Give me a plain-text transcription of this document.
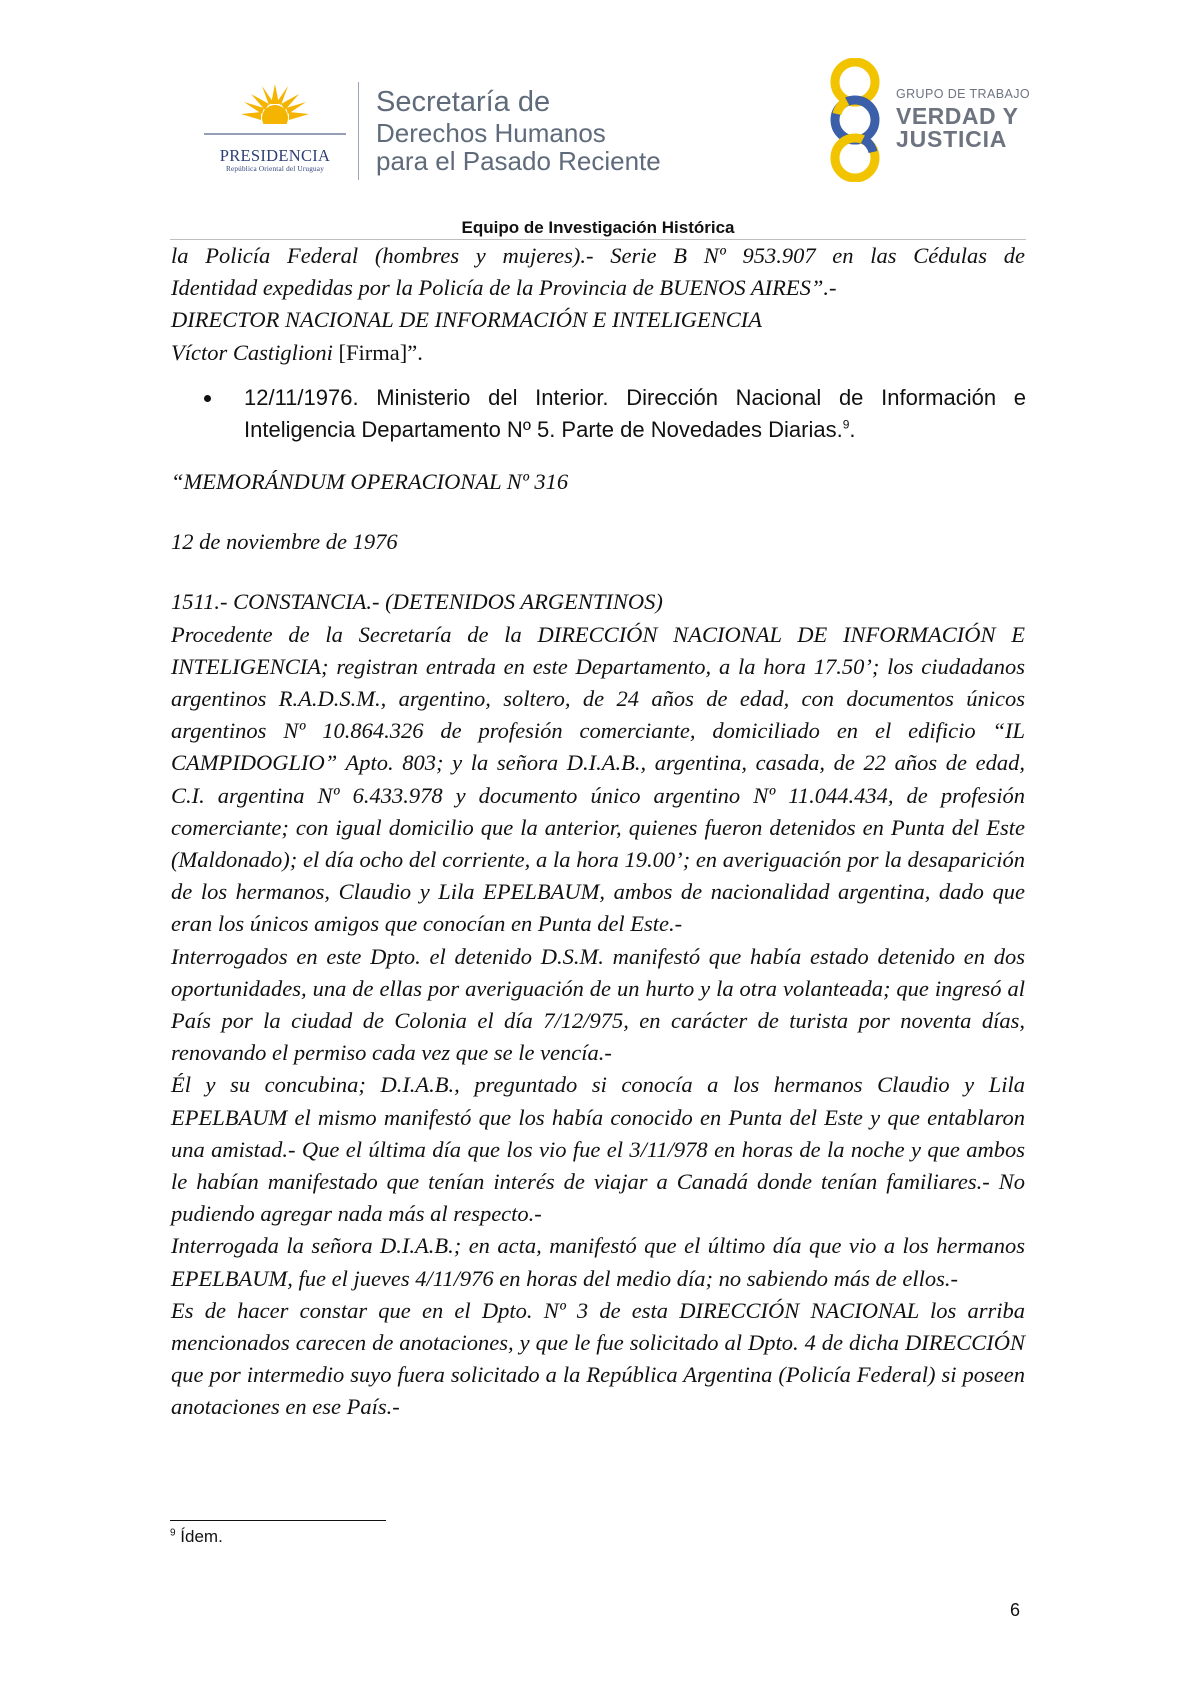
PRESIDENCIA
República Oriental del Uruguay
Secretaría de
Derechos Humanos
para el Pasado Reciente
GRUPO DE TRABAJO
VERDAD Y
JUSTICIA
Equipo de Investigación Histórica

la Policía Federal (hombres y mujeres).- Serie B Nº 953.907 en las Cédulas de

Identidad expedidas por la Policía de la Provincia de BUENOS AIRES”.-

DIRECTOR NACIONAL DE INFORMACIÓN E INTELIGENCIA

Víctor Castiglioni [Firma]”.

12/11/1976. Ministerio del Interior. Dirección Nacional de Información e Inteligencia Departamento Nº 5. Parte de Novedades Diarias.$^9$.

“MEMORÁNDUM OPERACIONAL Nº 316

12 de noviembre de 1976

1511.- CONSTANCIA.- (DETENIDOS ARGENTINOS)

Procedente de la Secretaría de la DIRECCIÓN NACIONAL DE INFORMACIÓN E INTELIGENCIA; registran entrada en este Departamento, a la hora 17.50’; los ciudadanos argentinos R.A.D.S.M., argentino, soltero, de 24 años de edad, con documentos únicos argentinos Nº 10.864.326 de profesión comerciante, domiciliado en el edificio “IL CAMPIDOGLIO” Apto. 803; y la señora D.I.A.B., argentina, casada, de 22 años de edad, C.I. argentina Nº 6.433.978 y documento único argentino Nº 11.044.434, de profesión comerciante; con igual domicilio que la anterior, quienes fueron detenidos en Punta del Este (Maldonado); el día ocho del corriente, a la hora 19.00’; en averiguación por la desaparición de los hermanos, Claudio y Lila EPELBAUM, ambos de nacionalidad argentina, dado que eran los únicos amigos que conocían en Punta del Este.-

Interrogados en este Dpto. el detenido D.S.M. manifestó que había estado detenido en dos oportunidades, una de ellas por averiguación de un hurto y la otra volanteada; que ingresó al País por la ciudad de Colonia el día 7/12/975, en carácter de turista por noventa días, renovando el permiso cada vez que se le vencía.-

Él y su concubina; D.I.A.B., preguntado si conocía a los hermanos Claudio y Lila EPELBAUM el mismo manifestó que los había conocido en Punta del Este y que entablaron una amistad.- Que el última día que los vio fue el 3/11/978 en horas de la noche y que ambos le habían manifestado que tenían interés de viajar a Canadá donde tenían familiares.- No pudiendo agregar nada más al respecto.-

Interrogada la señora D.I.A.B.; en acta, manifestó que el último día que vio a los hermanos EPELBAUM, fue el jueves 4/11/976 en horas del medio día; no sabiendo más de ellos.-

Es de hacer constar que en el Dpto. Nº 3 de esta DIRECCIÓN NACIONAL los arriba mencionados carecen de anotaciones, y que le fue solicitado al Dpto. 4 de dicha DIRECCIÓN que por intermedio suyo fuera solicitado a la República Argentina (Policía Federal) si poseen anotaciones en ese País.-

$^9$ Ídem.
6
